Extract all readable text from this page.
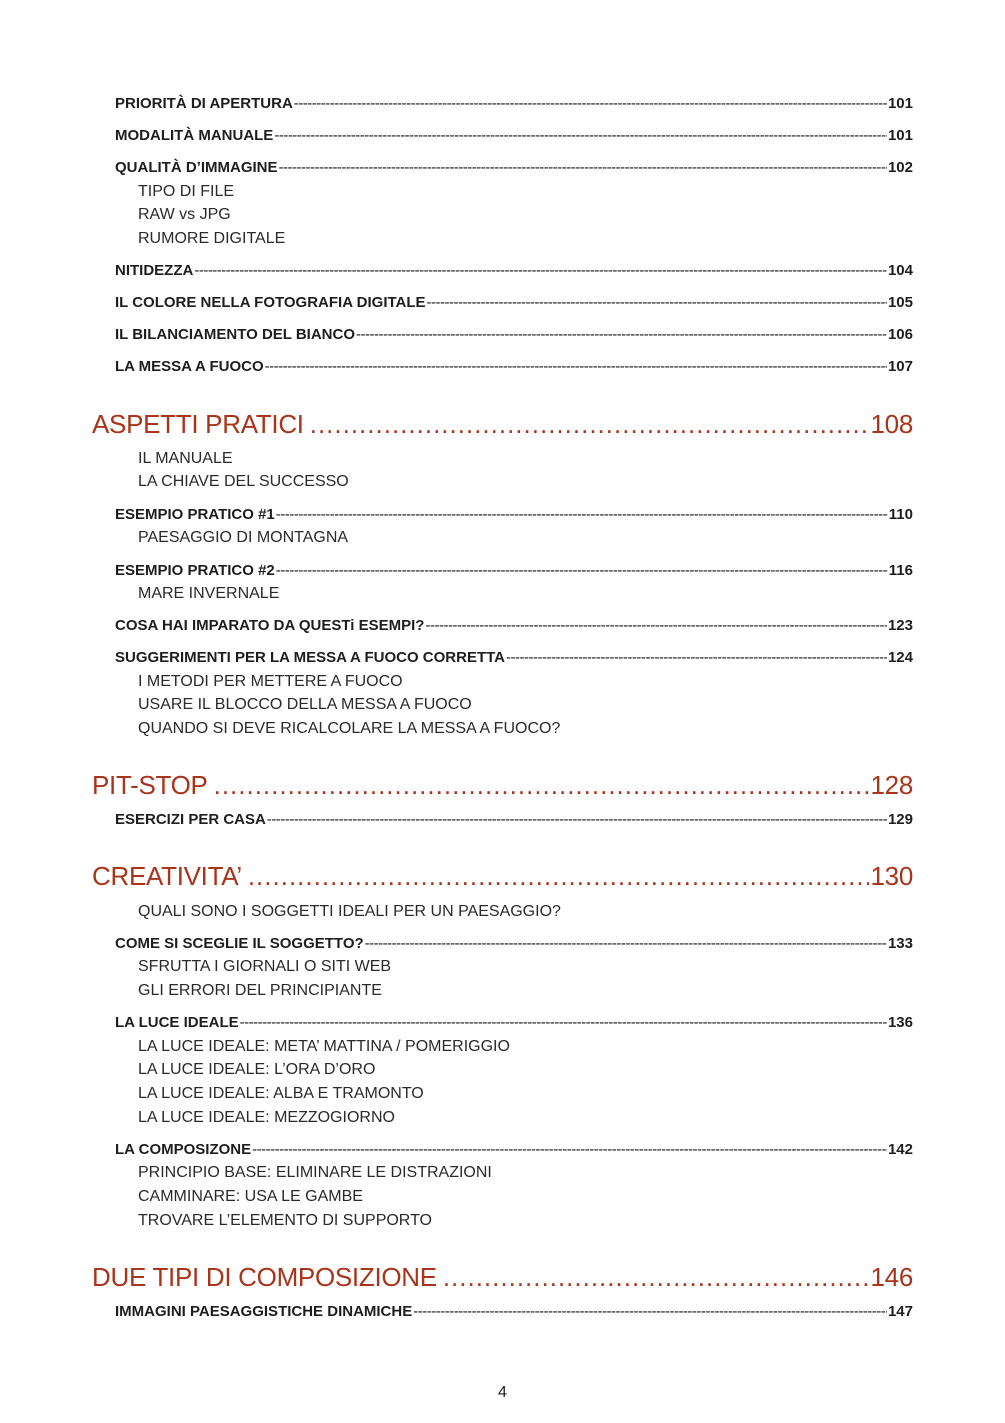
PRIORITÀ DI APERTURA -----	101
MODALITÀ MANUALE -----	101
QUALITÀ D’IMMAGINE -----	102
TIPO DI FILE
RAW vs JPG
RUMORE DIGITALE
NITIDEZZA -----	104
IL COLORE NELLA FOTOGRAFIA DIGITALE -----	105
IL BILANCIAMENTO DEL BIANCO -----	106
LA MESSA A FUOCO -----	107
ASPETTI PRATICI .....	108
IL MANUALE
LA CHIAVE DEL SUCCESSO
ESEMPIO PRATICO #1 -----	110
PAESAGGIO DI MONTAGNA
ESEMPIO PRATICO #2 -----	116
MARE INVERNALE
COSA HAI IMPARATO DA QUESTi ESEMPI? -----	123
SUGGERIMENTI PER LA MESSA A FUOCO CORRETTA -----	124
I METODI PER METTERE A FUOCO
USARE IL BLOCCO DELLA MESSA A FUOCO
QUANDO SI DEVE RICALCOLARE LA MESSA A FUOCO?
PIT-STOP .....	128
ESERCIZI PER CASA -----	129
CREATIVITA’ .....	130
QUALI SONO I SOGGETTI IDEALI PER UN PAESAGGIO?
COME SI SCEGLIE IL SOGGETTO? -----	133
SFRUTTA I GIORNALI O SITI WEB
GLI ERRORI DEL PRINCIPIANTE
LA LUCE IDEALE -----	136
LA LUCE IDEALE: META’ MATTINA / POMERIGGIO
LA LUCE IDEALE: L’ORA D’ORO
LA LUCE IDEALE: ALBA E TRAMONTO
LA LUCE IDEALE: MEZZOGIORNO
LA COMPOSIZONE -----	142
PRINCIPIO BASE: ELIMINARE LE DISTRAZIONI
CAMMINARE: USA LE GAMBE
TROVARE L’ELEMENTO DI SUPPORTO
DUE TIPI DI COMPOSIZIONE .....	146
IMMAGINI PAESAGGISTICHE DINAMICHE -----	147
4
